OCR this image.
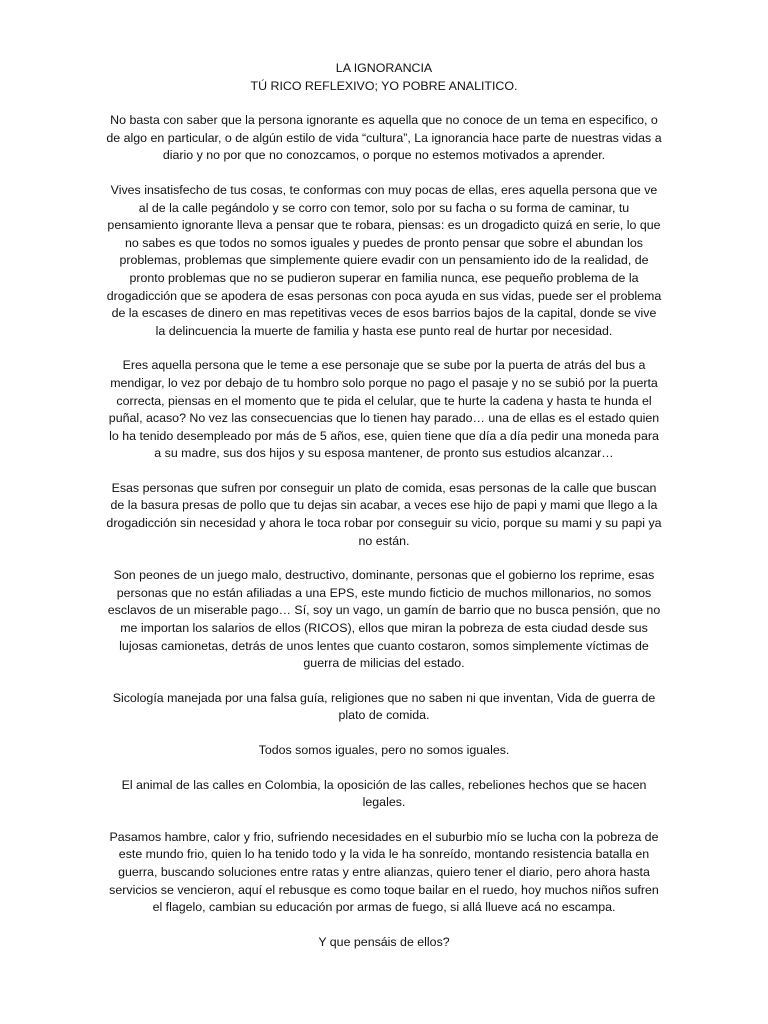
LA IGNORANCIA

TÚ RICO REFLEXIVO; YO POBRE ANALITICO.

No basta con saber que la persona ignorante es aquella que no conoce de un tema en especifico, o de algo en particular, o de algún estilo de vida “cultura”, La ignorancia hace parte de nuestras vidas a diario y no por que no conozcamos, o porque no estemos motivados a aprender.

Vives insatisfecho de tus cosas, te conformas con muy pocas de ellas, eres aquella persona que ve al de la calle pegándolo y se corro con temor, solo por su facha o su forma de caminar, tu pensamiento ignorante lleva a pensar que te robara, piensas: es un drogadicto quizá en serie, lo que no sabes es que todos no somos iguales y puedes de pronto pensar que sobre el abundan los problemas, problemas que simplemente quiere evadir con un pensamiento ido de la realidad, de pronto problemas que no se pudieron superar en familia nunca, ese pequeño problema de la drogadicción que se apodera de esas personas con poca ayuda en sus vidas, puede ser el problema de la escases de dinero en mas repetitivas veces de esos barrios bajos de la capital, donde se vive la delincuencia la muerte de familia y hasta ese punto real de hurtar por necesidad.

Eres aquella persona que le teme a ese personaje que se sube por la puerta de atrás del bus a mendigar, lo vez por debajo de tu hombro solo porque no pago el pasaje y no se subió por la puerta correcta, piensas en el momento que te pida el celular, que te hurte la cadena y hasta te hunda el puñal, acaso? No vez las consecuencias que lo tienen hay parado… una de ellas es el estado quien lo ha tenido desempleado por más de 5 años, ese, quien tiene que día a día pedir una moneda para a su madre, sus dos hijos y su esposa mantener, de pronto sus estudios alcanzar…

Esas personas que sufren por conseguir un plato de comida, esas personas de la calle que buscan de la basura presas de pollo que tu dejas sin acabar, a veces ese hijo de papi y mami que llego a la drogadicción sin necesidad y ahora le toca robar por conseguir su vicio, porque su mami y su papi ya no están.

Son peones de un juego malo, destructivo, dominante, personas que el gobierno los reprime, esas personas que no están afiliadas a una EPS, este mundo ficticio de muchos millonarios, no somos esclavos de un miserable pago… Sí, soy un vago, un gamín de barrio que no busca pensión, que no me importan los salarios de ellos (RICOS), ellos que miran la pobreza de esta ciudad desde sus lujosas camionetas, detrás de unos lentes que cuanto costaron, somos simplemente víctimas de guerra de milicias del estado.

Sicología manejada por una falsa guía, religiones que no saben ni que inventan, Vida de guerra de plato de comida.

Todos somos iguales, pero no somos iguales.

El animal de las calles en Colombia, la oposición de las calles, rebeliones hechos que se hacen legales.

Pasamos hambre, calor y frio, sufriendo necesidades en el suburbio mío se lucha con la pobreza de este mundo frio, quien lo ha tenido todo y la vida le ha sonreído, montando resistencia batalla en guerra, buscando soluciones entre ratas y entre alianzas, quiero tener el diario, pero ahora hasta servicios se vencieron, aquí el rebusque es como toque bailar en el ruedo, hoy muchos niños sufren el flagelo, cambian su educación por armas de fuego, si allá llueve acá no escampa.

Y que pensáis de ellos?
